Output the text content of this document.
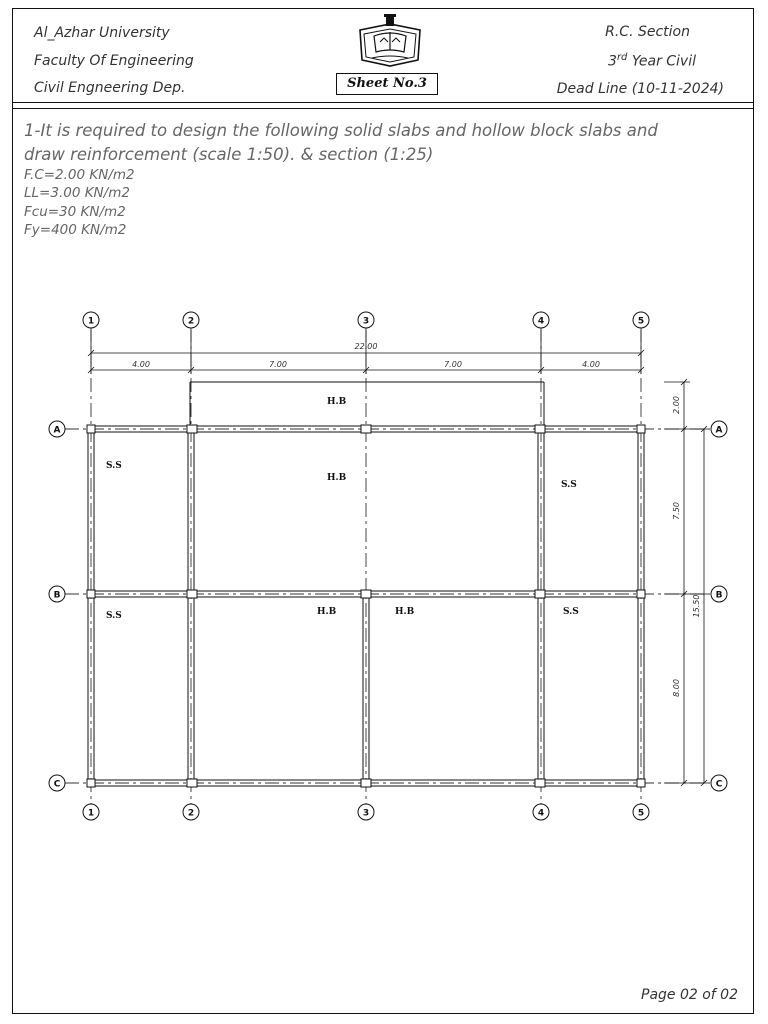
Al_Azhar University
Faculty Of Engineering
Civil Engneering Dep.
R.C. Section
3rd Year Civil
Dead Line (10-11-2024)
Sheet No.3
1-It is required to design the following solid slabs and hollow block slabs and
draw reinforcement (scale 1:50). & section (1:25)
F.C=2.00 KN/m2
LL=3.00 KN/m2
Fcu=30 KN/m2
Fy=400 KN/m2
4.00	7.00	7.00	4.00
22.00
2.00
7.50
8.00
15.50
1	2	3	4	5
1	2	3	4	5
A
B
C
A
B
C
S.S
H.B
H.B
S.S
S.S	H.B	H.B	S.S
Page 02 of 02
